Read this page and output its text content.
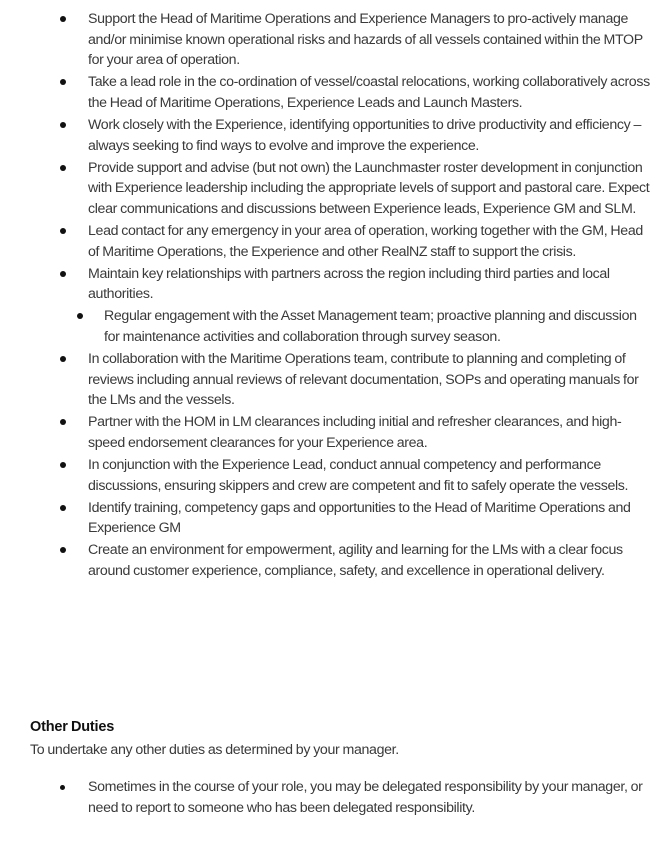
Support the Head of Maritime Operations and Experience Managers to pro-actively manage and/or minimise known operational risks and hazards of all vessels contained within the MTOP for your area of operation.
Take a lead role in the co-ordination of vessel/coastal relocations, working collaboratively across the Head of Maritime Operations, Experience Leads and Launch Masters.
Work closely with the Experience, identifying opportunities to drive productivity and efficiency – always seeking to find ways to evolve and improve the experience.
Provide support and advise (but not own) the Launchmaster roster development in conjunction with Experience leadership including the appropriate levels of support and pastoral care. Expect clear communications and discussions between Experience leads, Experience GM and SLM.
Lead contact for any emergency in your area of operation, working together with the GM, Head of Maritime Operations, the Experience and other RealNZ staff to support the crisis.
Maintain key relationships with partners across the region including third parties and local authorities.
Regular engagement with the Asset Management team; proactive planning and discussion for maintenance activities and collaboration through survey season.
In collaboration with the Maritime Operations team, contribute to planning and completing of reviews including annual reviews of relevant documentation, SOPs and operating manuals for the LMs and the vessels.
Partner with the HOM in LM clearances including initial and refresher clearances, and high-speed endorsement clearances for your Experience area.
In conjunction with the Experience Lead, conduct annual competency and performance discussions, ensuring skippers and crew are competent and fit to safely operate the vessels.
Identify training, competency gaps and opportunities to the Head of Maritime Operations and Experience GM
Create an environment for empowerment, agility and learning for the LMs with a clear focus around customer experience, compliance, safety, and excellence in operational delivery.
Other Duties
To undertake any other duties as determined by your manager.
Sometimes in the course of your role, you may be delegated responsibility by your manager, or need to report to someone who has been delegated responsibility.
